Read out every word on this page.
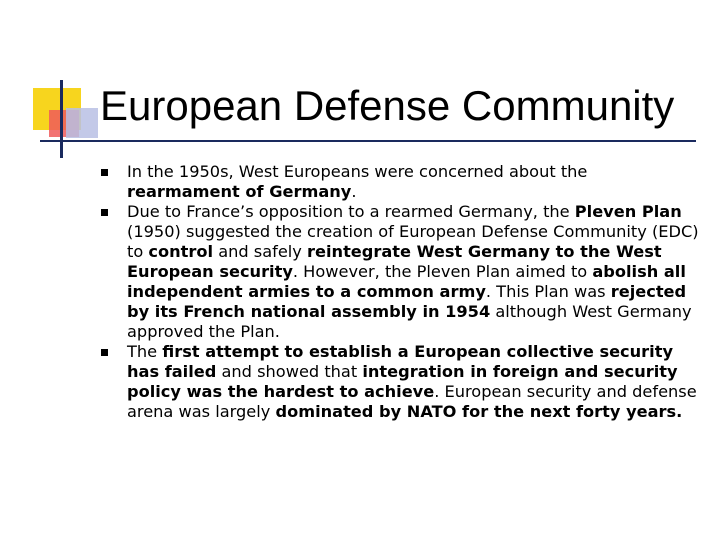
European Defense Community
In the 1950s, West Europeans were concerned about the rearmament of Germany.
Due to France’s opposition to a rearmed Germany, the Pleven Plan (1950) suggested the creation of European Defense Community (EDC) to control and safely reintegrate West Germany to the West European security. However, the Pleven Plan aimed to abolish all independent armies to a common army. This Plan was rejected by its French national assembly in 1954 although West Germany approved the Plan.
The first attempt to establish a European collective security has failed and showed that integration in foreign and security policy was the hardest to achieve. European security and defense arena was largely dominated by NATO for the next forty years.
